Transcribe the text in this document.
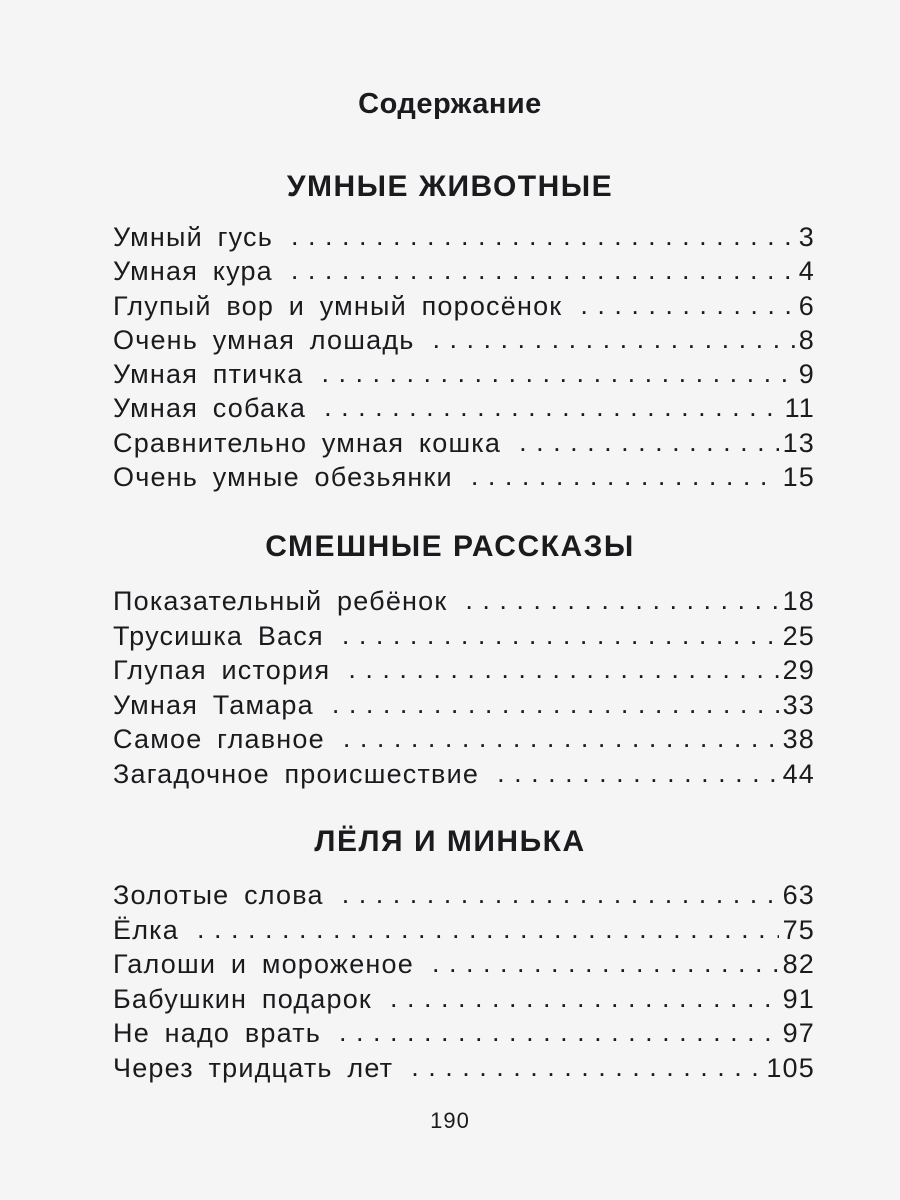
Содержание
УМНЫЕ ЖИВОТНЫЕ
Умный гусь . . .	3
Умная кура . . .	4
Глупый вор и умный поросёнок . . .	6
Очень умная лошадь . . .	8
Умная птичка . . .	9
Умная собака . . .	11
Сравнительно умная кошка . . .	13
Очень умные обезьянки . . .	15
СМЕШНЫЕ РАССКАЗЫ
Показательный ребёнок . . .	18
Трусишка Вася . . .	25
Глупая история . . .	29
Умная Тамара . . .	33
Самое главное . . .	38
Загадочное происшествие . . .	44
ЛЁЛЯ И МИНЬКА
Золотые слова . . .	63
Ёлка . . .	75
Галоши и мороженое . . .	82
Бабушкин подарок . . .	91
Не надо врать . . .	97
Через тридцать лет . . .	105
190
